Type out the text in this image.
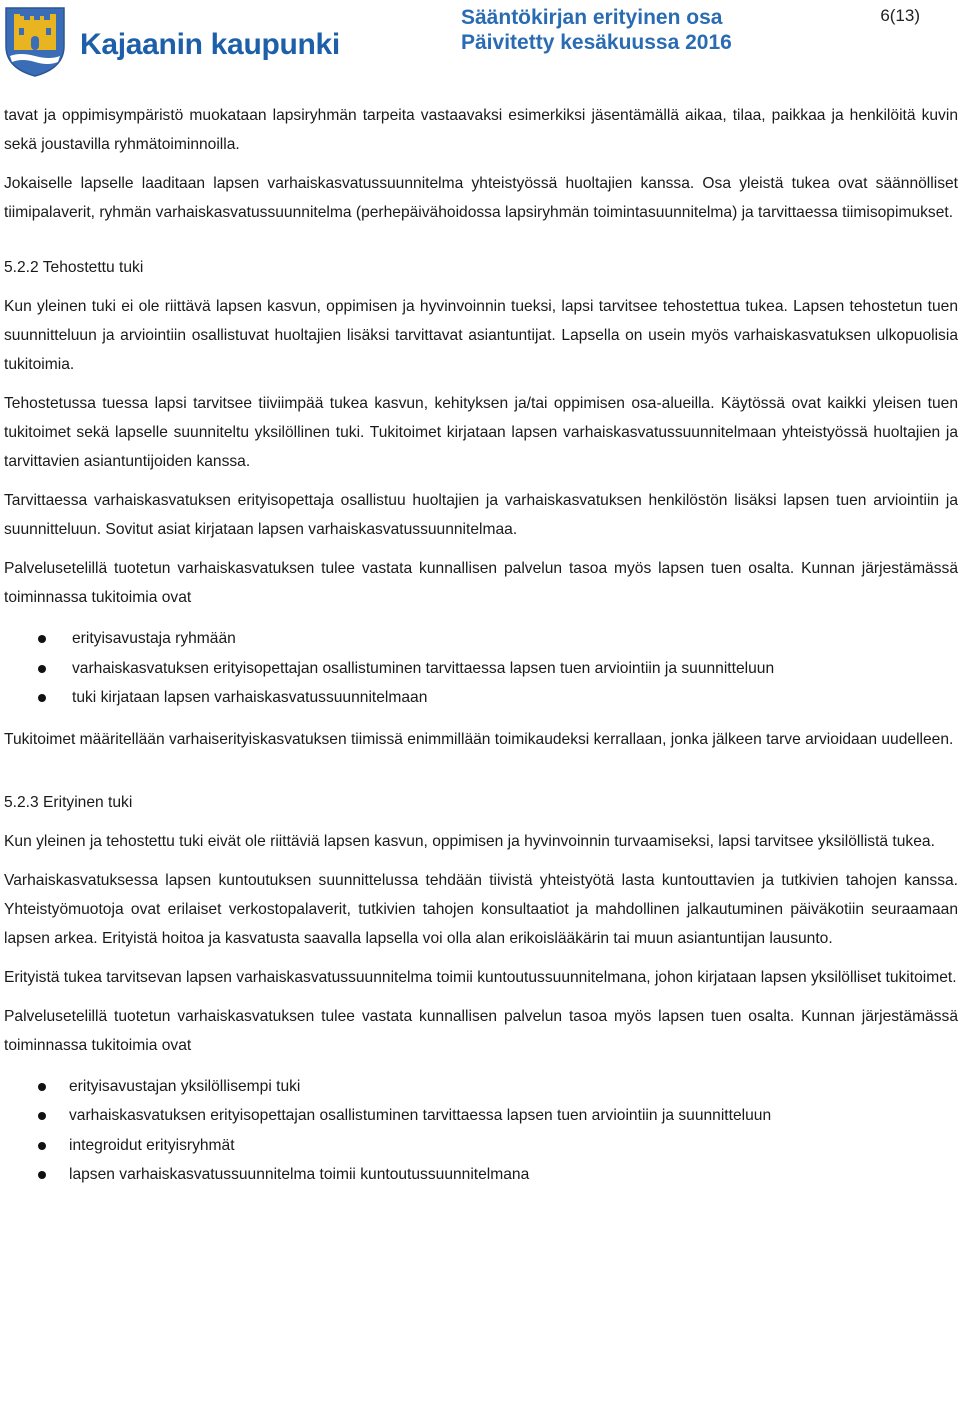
Kajaanin kaupunki
Sääntökirjan erityinen osa
Päivitetty kesäkuussa 2016
6(13)

tavat ja oppimisympäristö muokataan lapsiryhmän tarpeita vastaavaksi esimerkiksi jäsentämällä aikaa, tilaa, paikkaa ja henkilöitä kuvin sekä joustavilla ryhmätoiminnoilla.

Jokaiselle lapselle laaditaan lapsen varhaiskasvatussuunnitelma yhteistyössä huoltajien kanssa. Osa yleistä tukea ovat säännölliset tiimipalaverit, ryhmän varhaiskasvatussuunnitelma (perhepäivähoidossa lapsiryhmän toimintasuunnitelma) ja tarvittaessa tiimisopimukset.

5.2.2 Tehostettu tuki

Kun yleinen tuki ei ole riittävä lapsen kasvun, oppimisen ja hyvinvoinnin tueksi, lapsi tarvitsee tehostettua tukea. Lapsen tehostetun tuen suunnitteluun ja arviointiin osallistuvat huoltajien lisäksi tarvittavat asiantuntijat. Lapsella on usein myös varhaiskasvatuksen ulkopuolisia tukitoimia.

Tehostetussa tuessa lapsi tarvitsee tiiviimpää tukea kasvun, kehityksen ja/tai oppimisen osa-alueilla. Käytössä ovat kaikki yleisen tuen tukitoimet sekä lapselle suunniteltu yksilöllinen tuki. Tukitoimet kirjataan lapsen varhaiskasvatussuunnitelmaan yhteistyössä huoltajien ja tarvittavien asiantuntijoiden kanssa.

Tarvittaessa varhaiskasvatuksen erityisopettaja osallistuu huoltajien ja varhaiskasvatuksen henkilöstön lisäksi lapsen tuen arviointiin ja suunnitteluun. Sovitut asiat kirjataan lapsen varhaiskasvatussuunnitelmaa.

Palvelusetelillä tuotetun varhaiskasvatuksen tulee vastata kunnallisen palvelun tasoa myös lapsen tuen osalta. Kunnan järjestämässä toiminnassa tukitoimia ovat

erityisavustaja ryhmään
varhaiskasvatuksen erityisopettajan osallistuminen tarvittaessa lapsen tuen arviointiin ja suunnitteluun
tuki kirjataan lapsen varhaiskasvatussuunnitelmaan

Tukitoimet määritellään varhaiserityiskasvatuksen tiimissä enimmillään toimikaudeksi kerrallaan, jonka jälkeen tarve arvioidaan uudelleen.

5.2.3 Erityinen tuki

Kun yleinen ja tehostettu tuki eivät ole riittäviä lapsen kasvun, oppimisen ja hyvinvoinnin turvaamiseksi, lapsi tarvitsee yksilöllistä tukea.

Varhaiskasvatuksessa lapsen kuntoutuksen suunnittelussa tehdään tiivistä yhteistyötä lasta kuntouttavien ja tutkivien tahojen kanssa. Yhteistyömuotoja ovat erilaiset verkostopalaverit, tutkivien tahojen konsultaatiot ja mahdollinen jalkautuminen päiväkotiin seuraamaan lapsen arkea. Erityistä hoitoa ja kasvatusta saavalla lapsella voi olla alan erikoislääkärin tai muun asiantuntijan lausunto.

Erityistä tukea tarvitsevan lapsen varhaiskasvatussuunnitelma toimii kuntoutussuunnitelmana, johon kirjataan lapsen yksilölliset tukitoimet.

Palvelusetelillä tuotetun varhaiskasvatuksen tulee vastata kunnallisen palvelun tasoa myös lapsen tuen osalta. Kunnan järjestämässä toiminnassa tukitoimia ovat

erityisavustajan yksilöllisempi tuki
varhaiskasvatuksen erityisopettajan osallistuminen tarvittaessa lapsen tuen arviointiin ja suunnitteluun
integroidut erityisryhmät
lapsen varhaiskasvatussuunnitelma toimii kuntoutussuunnitelmana
